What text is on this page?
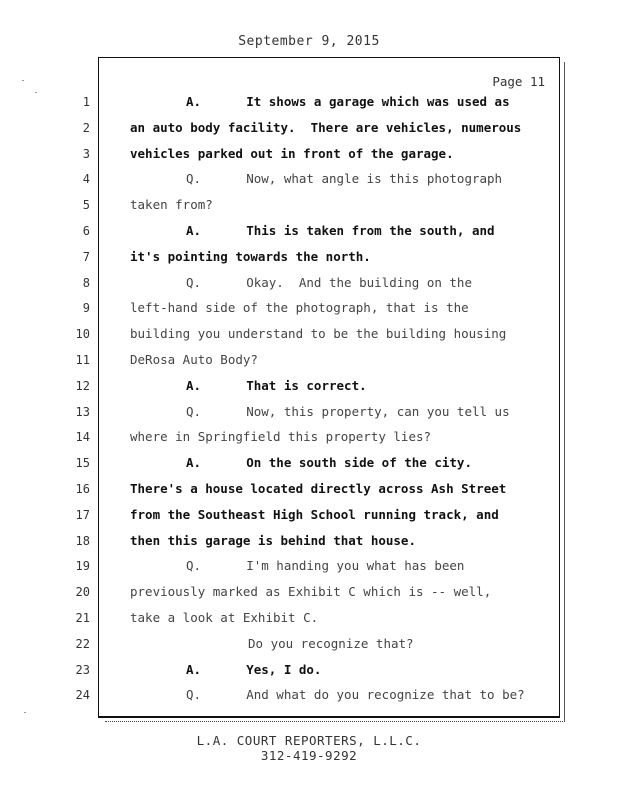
September 9, 2015
Page 11
1	A.      It shows a garage which was used as
2	an auto body facility.  There are vehicles, numerous
3	vehicles parked out in front of the garage.
4	Q.      Now, what angle is this photograph
5	taken from?
6	A.      This is taken from the south, and
7	it's pointing towards the north.
8	Q.      Okay.  And the building on the
9	left-hand side of the photograph, that is the
10	building you understand to be the building housing
11	DeRosa Auto Body?
12	A.      That is correct.
13	Q.      Now, this property, can you tell us
14	where in Springfield this property lies?
15	A.      On the south side of the city.
16	There's a house located directly across Ash Street
17	from the Southeast High School running track, and
18	then this garage is behind that house.
19	Q.      I'm handing you what has been
20	previously marked as Exhibit C which is -- well,
21	take a look at Exhibit C.
22	Do you recognize that?
23	A.      Yes, I do.
24	Q.      And what do you recognize that to be?
L.A. COURT REPORTERS, L.L.C.
312-419-9292
